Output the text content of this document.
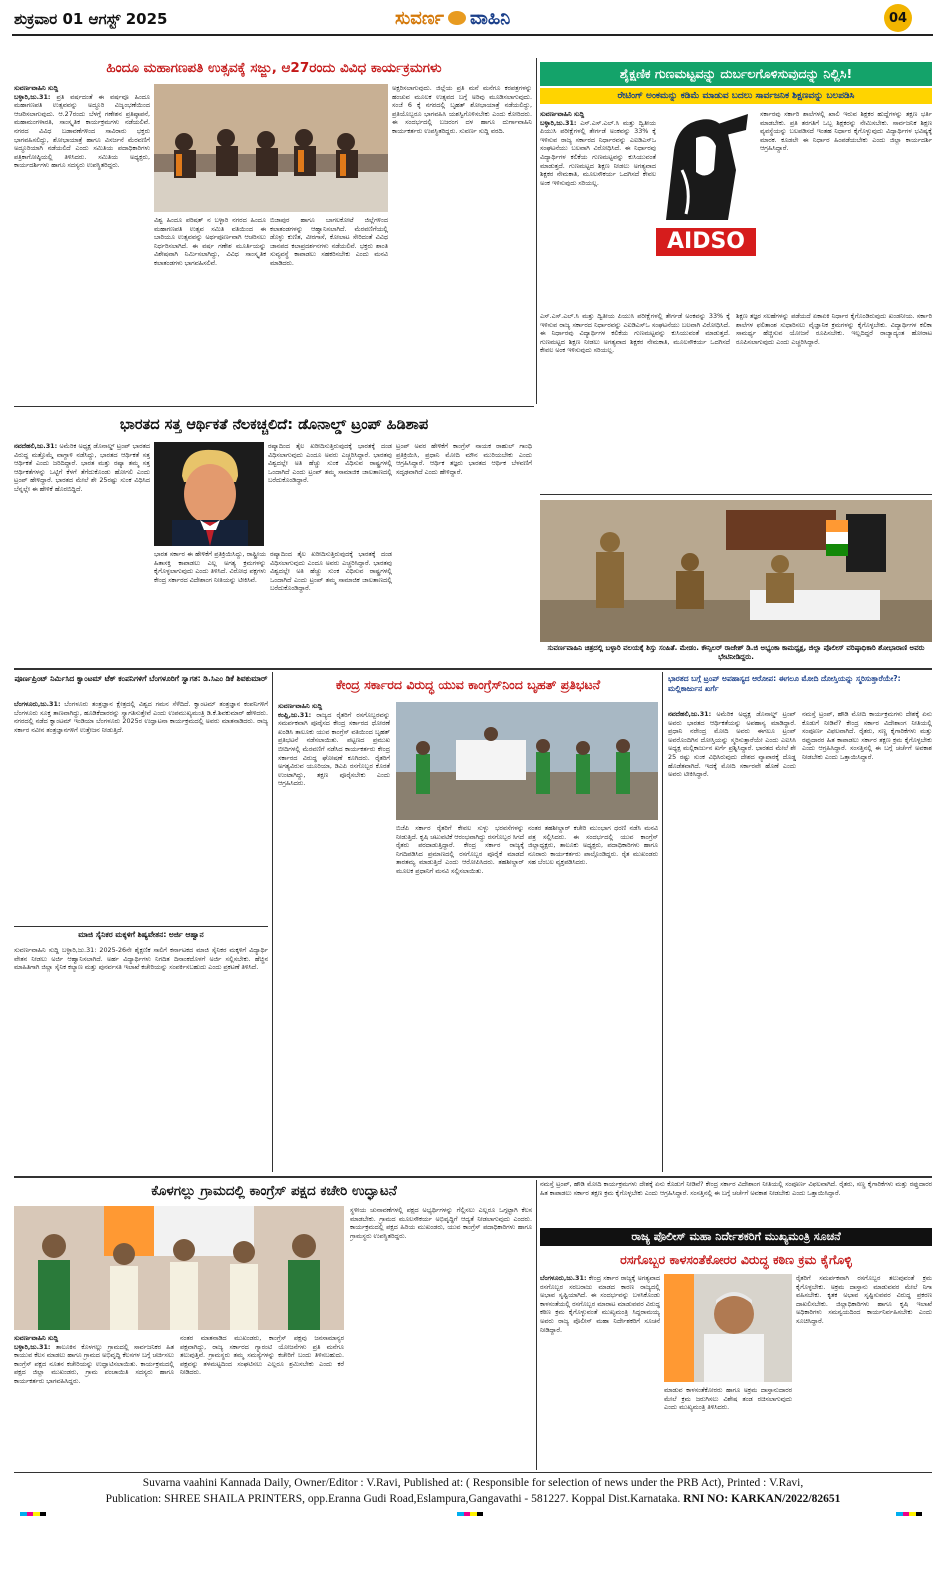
ಶುಕ್ರವಾರ 01 ಆಗಸ್ಟ್ 2025	ಸುವರ್ಣ ವಾಹಿನಿ	04
ಹಿಂದೂ ಮಹಾಗಣಪತಿ ಉತ್ಸವಕ್ಕೆ ಸಜ್ಜು, ಆ27ರಂದು ವಿವಿಧ ಕಾರ್ಯಕ್ರಮಗಳು
ಸುವರ್ಣವಾಹಿನಿ ಸುದ್ದಿ
ಬಳ್ಳಾರಿ,ಜು.31: ಪ್ರತಿ ವರ್ಷದಂತೆ ಈ ವರ್ಷವೂ ಹಿಂದೂ ಮಹಾಗಣಪತಿ ಉತ್ಸವವನ್ನು ಅದ್ಧೂರಿ ವಿಜೃಂಭಣೆಯಿಂದ ಆಚರಿಸಲಾಗುವುದು. ಆ.27ರಂದು ಬೆಳಗ್ಗೆ ಗಣೇಶನ ಪ್ರತಿಷ್ಠಾಪನೆ, ಮಹಾಮಂಗಳಾರತಿ, ಸಾಂಸ್ಕೃತಿಕ ಕಾರ್ಯಕ್ರಮಗಳು ನಡೆಯಲಿವೆ. ನಗರದ ವಿವಿಧ ಬಡಾವಣೆಗಳಿಂದ ಸಾವಿರಾರು ಭಕ್ತರು ಭಾಗವಹಿಸಲಿದ್ದು, ಶೋಭಾಯಾತ್ರೆ ಹಾಗೂ ವಿಸರ್ಜನೆ ಮೆರವಣಿಗೆ ಅದ್ಧೂರಿಯಾಗಿ ನಡೆಯಲಿದೆ ಎಂದು ಸಮಿತಿಯ ಪದಾಧಿಕಾರಿಗಳು ಪತ್ರಿಕಾಗೋಷ್ಠಿಯಲ್ಲಿ ತಿಳಿಸಿದರು. ಸಮಿತಿಯ ಅಧ್ಯಕ್ಷರು, ಕಾರ್ಯದರ್ಶಿಗಳು ಹಾಗೂ ಸದಸ್ಯರು ಉಪಸ್ಥಿತರಿದ್ದರು.
ವಿಶ್ವ ಹಿಂದೂ ಪರಿಷತ್ ನ ಬಳ್ಳಾರಿ ನಗರದ ಹಿಂದೂ ಮಹಾಗಣಪತಿ ಉತ್ಸವ ಸಮಿತಿ ವತಿಯಿಂದ ಈ ಬಾರಿಯೂ ಉತ್ಸವವನ್ನು ಅರ್ಥಪೂರ್ಣವಾಗಿ ಆಚರಿಸಲು ನಿರ್ಧರಿಸಲಾಗಿದೆ. ಈ ವರ್ಷ ಗಣೇಶ ಮೂರ್ತಿಯನ್ನು ವಿಶೇಷವಾಗಿ ನಿರ್ಮಿಸಲಾಗಿದ್ದು, ವಿವಿಧ ಸಾಂಸ್ಕೃತಿಕ ಕಲಾತಂಡಗಳು ಭಾಗವಹಿಸಲಿವೆ.
ಬಿಜಾಪುರ ಹಾಗೂ ಬಾಗಲಕೋಟೆ ಜಿಲ್ಲೆಗಳಿಂದ ಕಲಾತಂಡಗಳನ್ನು ಆಹ್ವಾನಿಸಲಾಗಿದೆ. ಮೆರವಣಿಗೆಯಲ್ಲಿ ಡೊಳ್ಳು ಕುಣಿತ, ವೀರಗಾಸೆ, ಕೋಲಾಟ ಸೇರಿದಂತೆ ವಿವಿಧ ಜಾನಪದ ಕಲಾಪ್ರದರ್ಶನಗಳು ನಡೆಯಲಿವೆ. ಭಕ್ತರು ಶಾಂತಿ ಸುವ್ಯವಸ್ಥೆ ಕಾಪಾಡಲು ಸಹಕರಿಸಬೇಕು ಎಂದು ಮನವಿ ಮಾಡಿದರು.
ಅಕ್ಷರಿಸಲಾಗುವುದು. ಜಿಲ್ಲೆಯ ಪ್ರತಿ ಮನೆ ಮನೆಗೂ ಕರಪತ್ರಗಳನ್ನು ಹಂಚುವ ಮೂಲಕ ಉತ್ಸವದ ಬಗ್ಗೆ ಅರಿವು ಮೂಡಿಸಲಾಗುವುದು. ಸಂಜೆ 6 ಕ್ಕೆ ನಗರದಲ್ಲಿ ಬೃಹತ್ ಶೋಭಾಯಾತ್ರೆ ನಡೆಯಲಿದ್ದು, ಪ್ರತಿಯೊಬ್ಬರೂ ಭಾಗವಹಿಸಿ ಯಶಸ್ವಿಗೊಳಿಸಬೇಕು ಎಂದು ಕೋರಿದರು. ಈ ಸಂದರ್ಭದಲ್ಲಿ ಬಜರಂಗ ದಳ ಹಾಗೂ ದುರ್ಗಾವಾಹಿನಿ ಕಾರ್ಯಕರ್ತರು ಉಪಸ್ಥಿತರಿದ್ದರು. ಸುವರ್ಣ ಸುದ್ದಿ ವರದಿ.
ಶೈಕ್ಷಣಿಕ ಗುಣಮಟ್ಟವನ್ನು ದುರ್ಬಲಗೊಳಿಸುವುದನ್ನು ನಿಲ್ಲಿಸಿ!
ರೇಟಿಂಗ್ ಅಂಕಮನ್ನು ಕಡಿಮೆ ಮಾಡುವ ಬದಲು ಸಾರ್ವಜನಿಕ ಶಿಕ್ಷಣವನ್ನು ಬಲಪಡಿಸಿ
ಸುವರ್ಣವಾಹಿನಿ ಸುದ್ದಿ
ಬಳ್ಳಾರಿ,ಜು.31: ಎಸ್.ಎಸ್.ಎಲ್.ಸಿ ಮತ್ತು ದ್ವಿತೀಯ ಪಿಯುಸಿ ಪರೀಕ್ಷೆಗಳಲ್ಲಿ ತೇರ್ಗಡೆ ಅಂಕವನ್ನು 33% ಕ್ಕೆ ಇಳಿಸುವ ರಾಜ್ಯ ಸರ್ಕಾರದ ನಿರ್ಧಾರವನ್ನು ಎಐಡಿಎಸ್ಒ ಸಂಘಟನೆಯು ಬಲವಾಗಿ ವಿರೋಧಿಸಿದೆ. ಈ ನಿರ್ಧಾರವು ವಿದ್ಯಾರ್ಥಿಗಳ ಕಲಿಕೆಯ ಗುಣಮಟ್ಟವನ್ನು ಕುಸಿಯುವಂತೆ ಮಾಡುತ್ತದೆ. ಗುಣಮಟ್ಟದ ಶಿಕ್ಷಣ ನೀಡಲು ಅಗತ್ಯವಾದ ಶಿಕ್ಷಕರ ನೇಮಕಾತಿ, ಮೂಲಸೌಕರ್ಯ ಒದಗಿಸದೆ ಕೇವಲ ಅಂಕ ಇಳಿಸುವುದು ಸರಿಯಲ್ಲ.
AIDSO
ಸರ್ಕಾರವು ಸರ್ಕಾರಿ ಶಾಲೆಗಳಲ್ಲಿ ಖಾಲಿ ಇರುವ ಶಿಕ್ಷಕರ ಹುದ್ದೆಗಳನ್ನು ತಕ್ಷಣ ಭರ್ತಿ ಮಾಡಬೇಕು. ಪ್ರತಿ ತರಗತಿಗೆ ಒಬ್ಬ ಶಿಕ್ಷಕರನ್ನು ನೇಮಿಸಬೇಕು. ಸಾರ್ವಜನಿಕ ಶಿಕ್ಷಣ ವ್ಯವಸ್ಥೆಯನ್ನು ಬಲಪಡಿಸದೆ ಇಂತಹ ನಿರ್ಧಾರ ಕೈಗೊಳ್ಳುವುದು ವಿದ್ಯಾರ್ಥಿಗಳ ಭವಿಷ್ಯಕ್ಕೆ ಮಾರಕ. ಕೂಡಲೇ ಈ ನಿರ್ಧಾರ ಹಿಂಪಡೆಯಬೇಕು ಎಂದು ಜಿಲ್ಲಾ ಕಾರ್ಯದರ್ಶಿ ಆಗ್ರಹಿಸಿದ್ದಾರೆ.
ಎಸ್.ಎಸ್.ಎಲ್.ಸಿ ಮತ್ತು ದ್ವಿತೀಯ ಪಿಯುಸಿ ಪರೀಕ್ಷೆಗಳಲ್ಲಿ ತೇರ್ಗಡೆ ಅಂಕವನ್ನು 33% ಕ್ಕೆ ಇಳಿಸುವ ರಾಜ್ಯ ಸರ್ಕಾರದ ನಿರ್ಧಾರವನ್ನು ಎಐಡಿಎಸ್ಒ ಸಂಘಟನೆಯು ಬಲವಾಗಿ ವಿರೋಧಿಸಿದೆ. ಈ ನಿರ್ಧಾರವು ವಿದ್ಯಾರ್ಥಿಗಳ ಕಲಿಕೆಯ ಗುಣಮಟ್ಟವನ್ನು ಕುಸಿಯುವಂತೆ ಮಾಡುತ್ತದೆ. ಗುಣಮಟ್ಟದ ಶಿಕ್ಷಣ ನೀಡಲು ಅಗತ್ಯವಾದ ಶಿಕ್ಷಕರ ನೇಮಕಾತಿ, ಮೂಲಸೌಕರ್ಯ ಒದಗಿಸದೆ ಕೇವಲ ಅಂಕ ಇಳಿಸುವುದು ಸರಿಯಲ್ಲ.
ಶಿಕ್ಷಣ ತಜ್ಞರ ಸಲಹೆಗಳನ್ನು ಪಡೆಯದೆ ಏಕಾಏಕಿ ನಿರ್ಧಾರ ಕೈಗೊಂಡಿರುವುದು ಖಂಡನೀಯ. ಸರ್ಕಾರಿ ಶಾಲೆಗಳ ಫಲಿತಾಂಶ ಸುಧಾರಿಸಲು ವೈಜ್ಞಾನಿಕ ಕ್ರಮಗಳನ್ನು ಕೈಗೊಳ್ಳಬೇಕು. ವಿದ್ಯಾರ್ಥಿಗಳ ಕಲಿಕಾ ಸಾಮರ್ಥ್ಯ ಹೆಚ್ಚಿಸುವ ಯೋಜನೆ ರೂಪಿಸಬೇಕು. ಇಲ್ಲದಿದ್ದರೆ ರಾಜ್ಯಾದ್ಯಂತ ಹೋರಾಟ ರೂಪಿಸಲಾಗುವುದು ಎಂದು ಎಚ್ಚರಿಸಿದ್ದಾರೆ.
ಭಾರತದ ಸತ್ತ ಆರ್ಥಿಕತೆ ನೆಲಕಚ್ಚಲಿದೆ: ಡೊನಾಲ್ಡ್ ಟ್ರಂಪ್ ಹಿಡಿಶಾಪ
ನವದೆಹಲಿ,ಜು.31: ಅಮೆರಿಕ ಅಧ್ಯಕ್ಷ ಡೊನಾಲ್ಡ್ ಟ್ರಂಪ್ ಭಾರತದ ವಿರುದ್ಧ ಮತ್ತೊಮ್ಮೆ ವಾಗ್ದಾಳಿ ನಡೆಸಿದ್ದು, ಭಾರತದ ಆರ್ಥಿಕತೆ ಸತ್ತ ಆರ್ಥಿಕತೆ ಎಂದು ಜರಿದಿದ್ದಾರೆ. ಭಾರತ ಮತ್ತು ರಷ್ಯಾ ತಮ್ಮ ಸತ್ತ ಆರ್ಥಿಕತೆಗಳನ್ನು ಒಟ್ಟಿಗೆ ಕೆಳಗೆ ತೆಗೆದುಕೊಂಡು ಹೋಗಲಿ ಎಂದು ಟ್ರಂಪ್ ಹೇಳಿದ್ದಾರೆ. ಭಾರತದ ಮೇಲೆ ಶೇ 25ರಷ್ಟು ಸುಂಕ ವಿಧಿಸಿದ ಬೆನ್ನಲ್ಲೇ ಈ ಹೇಳಿಕೆ ಹೊರಬಿದ್ದಿದೆ.
ರಷ್ಯಾದಿಂದ ತೈಲ ಖರೀದಿಸುತ್ತಿರುವುದಕ್ಕೆ ಭಾರತಕ್ಕೆ ದಂಡ ವಿಧಿಸಲಾಗುವುದು ಎಂದೂ ಅವರು ಎಚ್ಚರಿಸಿದ್ದಾರೆ. ಭಾರತವು ವಿಶ್ವದಲ್ಲೇ ಅತಿ ಹೆಚ್ಚು ಸುಂಕ ವಿಧಿಸುವ ರಾಷ್ಟ್ರಗಳಲ್ಲಿ ಒಂದಾಗಿದೆ ಎಂದು ಟ್ರಂಪ್ ತಮ್ಮ ಸಾಮಾಜಿಕ ಜಾಲತಾಣದಲ್ಲಿ ಬರೆದುಕೊಂಡಿದ್ದಾರೆ.
ಭಾರತ ಸರ್ಕಾರ ಈ ಹೇಳಿಕೆಗೆ ಪ್ರತಿಕ್ರಿಯಿಸಿದ್ದು, ರಾಷ್ಟ್ರೀಯ ಹಿತಾಸಕ್ತಿ ಕಾಪಾಡಲು ಎಲ್ಲ ಅಗತ್ಯ ಕ್ರಮಗಳನ್ನು ಕೈಗೊಳ್ಳಲಾಗುವುದು ಎಂದು ತಿಳಿಸಿದೆ. ವಿರೋಧ ಪಕ್ಷಗಳು ಕೇಂದ್ರ ಸರ್ಕಾರದ ವಿದೇಶಾಂಗ ನೀತಿಯನ್ನು ಟೀಕಿಸಿವೆ.
ರಷ್ಯಾದಿಂದ ತೈಲ ಖರೀದಿಸುತ್ತಿರುವುದಕ್ಕೆ ಭಾರತಕ್ಕೆ ದಂಡ ವಿಧಿಸಲಾಗುವುದು ಎಂದೂ ಅವರು ಎಚ್ಚರಿಸಿದ್ದಾರೆ. ಭಾರತವು ವಿಶ್ವದಲ್ಲೇ ಅತಿ ಹೆಚ್ಚು ಸುಂಕ ವಿಧಿಸುವ ರಾಷ್ಟ್ರಗಳಲ್ಲಿ ಒಂದಾಗಿದೆ ಎಂದು ಟ್ರಂಪ್ ತಮ್ಮ ಸಾಮಾಜಿಕ ಜಾಲತಾಣದಲ್ಲಿ ಬರೆದುಕೊಂಡಿದ್ದಾರೆ.
ಟ್ರಂಪ್ ಅವರ ಹೇಳಿಕೆಗೆ ಕಾಂಗ್ರೆಸ್ ನಾಯಕ ರಾಹುಲ್ ಗಾಂಧಿ ಪ್ರತಿಕ್ರಿಯಿಸಿ, ಪ್ರಧಾನಿ ಮೋದಿ ಮೌನ ಮುರಿಯಬೇಕು ಎಂದು ಆಗ್ರಹಿಸಿದ್ದಾರೆ. ಆರ್ಥಿಕ ತಜ್ಞರು ಭಾರತದ ಆರ್ಥಿಕ ಬೆಳವಣಿಗೆ ಸದೃಢವಾಗಿದೆ ಎಂದು ಹೇಳಿದ್ದಾರೆ.
ಸುವರ್ಣವಾಹಿನಿ ಚಿತ್ರದಲ್ಲಿ ಬಳ್ಳಾರಿ ವಲಯಕ್ಕೆ ಶಿಸ್ತು ಸಂಹಿತೆ. ಮೇಡಂ. ಕೌನ್ಸಿಲರ್ ರಾಜೇಶ್ ಡಿ.ಜಿ ಅಭ್ಯಂಕಾ ಕಾಮಧ್ಯಕ್ಷ, ಜಿಲ್ಲಾ ಪೊಲೀಸ್ ವರಿಷ್ಠಾಧಿಕಾರಿ ಶೋಭಾರಾಣಿ ಅವರು ಭೇಟಿನೀಡಿದ್ದರು.
ಪೂರ್ಣಪ್ರಿಂಟ್ ನಿರ್ಮಿಸಿದ ಕ್ವಾಂಟಮ್ ಟೆಕ್ ಕಂಪನಿಗಳಿಗೆ ಬೆಂಗಳೂರಿಗೆ ಸ್ವಾಗತ: ಡಿ.ಸಿಎಂ ಡಿಕೆ ಶಿವಕುಮಾರ್
ಬೆಂಗಳೂರು,ಜು.31: ಬೆಂಗಳೂರು ತಂತ್ರಜ್ಞಾನ ಕ್ಷೇತ್ರದಲ್ಲಿ ವಿಶ್ವದ ಗಮನ ಸೆಳೆದಿದೆ. ಕ್ವಾಂಟಮ್ ತಂತ್ರಜ್ಞಾನ ಕಂಪನಿಗಳಿಗೆ ಬೆಂಗಳೂರು ಸೂಕ್ತ ತಾಣವಾಗಿದ್ದು, ಹೂಡಿಕೆದಾರರನ್ನು ಸ್ವಾಗತಿಸುತ್ತೇವೆ ಎಂದು ಉಪಮುಖ್ಯಮಂತ್ರಿ ಡಿ.ಕೆ.ಶಿವಕುಮಾರ್ ಹೇಳಿದರು. ನಗರದಲ್ಲಿ ನಡೆದ ಕ್ವಾಂಟಮ್ ಇಂಡಿಯಾ ಬೆಂಗಳೂರು 2025ರ ಉದ್ಘಾಟನಾ ಕಾರ್ಯಕ್ರಮದಲ್ಲಿ ಅವರು ಮಾತನಾಡಿದರು. ರಾಜ್ಯ ಸರ್ಕಾರ ನವೀನ ತಂತ್ರಜ್ಞಾನಗಳಿಗೆ ಉತ್ತೇಜನ ನೀಡುತ್ತಿದೆ.
ಮಾಜಿ ಸೈನಿಕರ ಮಕ್ಕಳಿಗೆ ಶಿಷ್ಯವೇತನ: ಅರ್ಜಿ ಆಹ್ವಾನ
ಸುವರ್ಣವಾಹಿನಿ ಸುದ್ದಿ ಬಳ್ಳಾರಿ,ಜು.31: 2025-26ನೇ ಶೈಕ್ಷಣಿಕ ಸಾಲಿಗೆ ಕರ್ನಾಟಕದ ಮಾಜಿ ಸೈನಿಕರ ಮಕ್ಕಳಿಗೆ ವಿದ್ಯಾರ್ಥಿ ವೇತನ ನೀಡಲು ಅರ್ಜಿ ಆಹ್ವಾನಿಸಲಾಗಿದೆ. ಅರ್ಹ ವಿದ್ಯಾರ್ಥಿಗಳು ನಿಗದಿತ ದಿನಾಂಕದೊಳಗೆ ಅರ್ಜಿ ಸಲ್ಲಿಸಬೇಕು. ಹೆಚ್ಚಿನ ಮಾಹಿತಿಗಾಗಿ ಜಿಲ್ಲಾ ಸೈನಿಕ ಕಲ್ಯಾಣ ಮತ್ತು ಪುನರ್ವಸತಿ ಇಲಾಖೆ ಕಚೇರಿಯನ್ನು ಸಂಪರ್ಕಿಸಬಹುದು ಎಂದು ಪ್ರಕಟಣೆ ತಿಳಿಸಿದೆ.
ಕೇಂದ್ರ ಸರ್ಕಾರದ ವಿರುದ್ಧ ಯುವ ಕಾಂಗ್ರೆಸ್‌ನಿಂದ ಬೃಹತ್ ಪ್ರತಿಭಟನೆ
ಸುವರ್ಣವಾಹಿನಿ ಸುದ್ದಿ
ಕಂಪ್ಲಿ,ಜು.31: ರಾಜ್ಯದ ರೈತರಿಗೆ ರಸಗೊಬ್ಬರವನ್ನು ಸಮರ್ಪಕವಾಗಿ ಪೂರೈಸದ ಕೇಂದ್ರ ಸರ್ಕಾರದ ಧೋರಣೆ ಖಂಡಿಸಿ ತಾಲೂಕು ಯುವ ಕಾಂಗ್ರೆಸ್ ವತಿಯಿಂದ ಬೃಹತ್ ಪ್ರತಿಭಟನೆ ನಡೆಸಲಾಯಿತು. ಪಟ್ಟಣದ ಪ್ರಮುಖ ಬೀದಿಗಳಲ್ಲಿ ಮೆರವಣಿಗೆ ನಡೆಸಿದ ಕಾರ್ಯಕರ್ತರು ಕೇಂದ್ರ ಸರ್ಕಾರದ ವಿರುದ್ಧ ಘೋಷಣೆ ಕೂಗಿದರು. ರೈತರಿಗೆ ಅಗತ್ಯವಿರುವ ಯೂರಿಯಾ, ಡಿಎಪಿ ರಸಗೊಬ್ಬರ ಕೊರತೆ ಉಂಟಾಗಿದ್ದು, ತಕ್ಷಣ ಪೂರೈಸಬೇಕು ಎಂದು ಆಗ್ರಹಿಸಿದರು.
ಬಿಜೆಪಿ ಸರ್ಕಾರ ರೈತರಿಗೆ ಕೇವಲ ಸುಳ್ಳು ಭರವಸೆಗಳನ್ನು ನೀಡುತ್ತಿದೆ. ಕೃಷಿ ಚಟುವಟಿಕೆ ಆರಂಭವಾಗಿದ್ದು ರಸಗೊಬ್ಬರ ಸಿಗದೆ ರೈತರು ಪರದಾಡುತ್ತಿದ್ದಾರೆ. ಕೇಂದ್ರ ಸರ್ಕಾರ ರಾಜ್ಯಕ್ಕೆ ನಿಗದಿಪಡಿಸಿದ ಪ್ರಮಾಣದಲ್ಲಿ ರಸಗೊಬ್ಬರ ಪೂರೈಕೆ ಮಾಡದೆ ತಾರತಮ್ಯ ಮಾಡುತ್ತಿದೆ ಎಂದು ಆರೋಪಿಸಿದರು. ತಹಶೀಲ್ದಾರ್ ಮೂಲಕ ಪ್ರಧಾನಿಗೆ ಮನವಿ ಸಲ್ಲಿಸಲಾಯಿತು.
ನಂತರ ತಹಶೀಲ್ದಾರ್ ಕಚೇರಿ ಮುಂಭಾಗ ಧರಣಿ ನಡೆಸಿ ಮನವಿ ಪತ್ರ ಸಲ್ಲಿಸಿದರು. ಈ ಸಂದರ್ಭದಲ್ಲಿ ಯುವ ಕಾಂಗ್ರೆಸ್ ಜಿಲ್ಲಾಧ್ಯಕ್ಷರು, ತಾಲೂಕು ಅಧ್ಯಕ್ಷರು, ಪದಾಧಿಕಾರಿಗಳು ಹಾಗೂ ನೂರಾರು ಕಾರ್ಯಕರ್ತರು ಪಾಲ್ಗೊಂಡಿದ್ದರು. ರೈತ ಮುಖಂಡರು ಸಹ ಬೆಂಬಲ ವ್ಯಕ್ತಪಡಿಸಿದರು.
ಭಾರತದ ಬಗ್ಗೆ ಟ್ರಂಪ್ ಅಪಹಾಸ್ಯದ ಆರೋಪ: ಈಗಲೂ ಮೋದಿ ದೋಸ್ತಿಯನ್ನು ಸ್ಮರಿಸುತ್ತಾರೆಯೇ?: ಮಲ್ಲಿಕಾರ್ಜುನ ಖರ್ಗೆ
ನವದೆಹಲಿ,ಜು.31: ಅಮೆರಿಕ ಅಧ್ಯಕ್ಷ ಡೊನಾಲ್ಡ್ ಟ್ರಂಪ್ ಅವರು ಭಾರತದ ಆರ್ಥಿಕತೆಯನ್ನು ಅಪಹಾಸ್ಯ ಮಾಡಿದ್ದಾರೆ. ಪ್ರಧಾನಿ ನರೇಂದ್ರ ಮೋದಿ ಅವರು ಈಗಲೂ ಟ್ರಂಪ್ ಅವರೊಂದಿಗಿನ ದೋಸ್ತಿಯನ್ನು ಸ್ಮರಿಸುತ್ತಾರೆಯೇ ಎಂದು ಎಐಸಿಸಿ ಅಧ್ಯಕ್ಷ ಮಲ್ಲಿಕಾರ್ಜುನ ಖರ್ಗೆ ಪ್ರಶ್ನಿಸಿದ್ದಾರೆ. ಭಾರತದ ಮೇಲೆ ಶೇ 25 ರಷ್ಟು ಸುಂಕ ವಿಧಿಸಿರುವುದು ದೇಶದ ವ್ಯಾಪಾರಕ್ಕೆ ದೊಡ್ಡ ಹೊಡೆತವಾಗಿದೆ. ಇದಕ್ಕೆ ಮೋದಿ ಸರ್ಕಾರವೇ ಹೊಣೆ ಎಂದು ಅವರು ಟೀಕಿಸಿದ್ದಾರೆ.
ನಮಸ್ತೆ ಟ್ರಂಪ್, ಹೌಡಿ ಮೋದಿ ಕಾರ್ಯಕ್ರಮಗಳು ದೇಶಕ್ಕೆ ಏನು ಕೊಡುಗೆ ನೀಡಿವೆ? ಕೇಂದ್ರ ಸರ್ಕಾರ ವಿದೇಶಾಂಗ ನೀತಿಯಲ್ಲಿ ಸಂಪೂರ್ಣ ವಿಫಲವಾಗಿದೆ. ರೈತರು, ಸಣ್ಣ ಕೈಗಾರಿಕೆಗಳು ಮತ್ತು ರಫ್ತುದಾರರ ಹಿತ ಕಾಪಾಡಲು ಸರ್ಕಾರ ತಕ್ಷಣ ಕ್ರಮ ಕೈಗೊಳ್ಳಬೇಕು ಎಂದು ಆಗ್ರಹಿಸಿದ್ದಾರೆ. ಸಂಸತ್ತಿನಲ್ಲಿ ಈ ಬಗ್ಗೆ ಚರ್ಚೆಗೆ ಅವಕಾಶ ನೀಡಬೇಕು ಎಂದು ಒತ್ತಾಯಿಸಿದ್ದಾರೆ.
ಕೊಳಗಲ್ಲು ಗ್ರಾಮದಲ್ಲಿ ಕಾಂಗ್ರೆಸ್ ಪಕ್ಷದ ಕಚೇರಿ ಉದ್ಘಾಟನೆ
ಸುವರ್ಣವಾಹಿನಿ ಸುದ್ದಿ
ಬಳ್ಳಾರಿ,ಜು.31: ತಾಲೂಕಿನ ಕೊಳಗಲ್ಲು ಗ್ರಾಮದಲ್ಲಿ ಸಾರ್ವಜನಿಕರ ಹಿತ ಕಾಯುವ ಕೆಲಸ ಮಾಡಲು ಹಾಗೂ ಗ್ರಾಮದ ಅಭಿವೃದ್ಧಿ ಕೆಲಸಗಳ ಬಗ್ಗೆ ಚರ್ಚಿಸಲು ಕಾಂಗ್ರೆಸ್ ಪಕ್ಷದ ನೂತನ ಕಚೇರಿಯನ್ನು ಉದ್ಘಾಟಿಸಲಾಯಿತು. ಕಾರ್ಯಕ್ರಮದಲ್ಲಿ ಪಕ್ಷದ ಜಿಲ್ಲಾ ಮುಖಂಡರು, ಗ್ರಾಮ ಪಂಚಾಯಿತಿ ಸದಸ್ಯರು ಹಾಗೂ ಕಾರ್ಯಕರ್ತರು ಭಾಗವಹಿಸಿದ್ದರು.
ನಂತರ ಮಾತನಾಡಿದ ಮುಖಂಡರು, ಕಾಂಗ್ರೆಸ್ ಪಕ್ಷವು ಜನಸಾಮಾನ್ಯರ ಪಕ್ಷವಾಗಿದ್ದು, ರಾಜ್ಯ ಸರ್ಕಾರದ ಗ್ಯಾರಂಟಿ ಯೋಜನೆಗಳು ಪ್ರತಿ ಮನೆಗೂ ತಲುಪುತ್ತಿವೆ. ಗ್ರಾಮಸ್ಥರು ತಮ್ಮ ಸಮಸ್ಯೆಗಳನ್ನು ಕಚೇರಿಗೆ ಬಂದು ತಿಳಿಸಬಹುದು. ಪಕ್ಷವನ್ನು ತಳಮಟ್ಟದಿಂದ ಸಂಘಟಿಸಲು ಎಲ್ಲರೂ ಶ್ರಮಿಸಬೇಕು ಎಂದು ಕರೆ ನೀಡಿದರು.
ಸ್ಥಳೀಯ ಚುನಾವಣೆಗಳಲ್ಲಿ ಪಕ್ಷದ ಅಭ್ಯರ್ಥಿಗಳನ್ನು ಗೆಲ್ಲಿಸಲು ಎಲ್ಲರೂ ಒಗ್ಗಟ್ಟಾಗಿ ಕೆಲಸ ಮಾಡಬೇಕು. ಗ್ರಾಮದ ಮೂಲಸೌಕರ್ಯ ಅಭಿವೃದ್ಧಿಗೆ ಆದ್ಯತೆ ನೀಡಲಾಗುವುದು ಎಂದರು. ಕಾರ್ಯಕ್ರಮದಲ್ಲಿ ಪಕ್ಷದ ಹಿರಿಯ ಮುಖಂಡರು, ಯುವ ಕಾಂಗ್ರೆಸ್ ಪದಾಧಿಕಾರಿಗಳು ಹಾಗೂ ಗ್ರಾಮಸ್ಥರು ಉಪಸ್ಥಿತರಿದ್ದರು.
ನಮಸ್ತೆ ಟ್ರಂಪ್, ಹೌಡಿ ಮೋದಿ ಕಾರ್ಯಕ್ರಮಗಳು ದೇಶಕ್ಕೆ ಏನು ಕೊಡುಗೆ ನೀಡಿವೆ? ಕೇಂದ್ರ ಸರ್ಕಾರ ವಿದೇಶಾಂಗ ನೀತಿಯಲ್ಲಿ ಸಂಪೂರ್ಣ ವಿಫಲವಾಗಿದೆ. ರೈತರು, ಸಣ್ಣ ಕೈಗಾರಿಕೆಗಳು ಮತ್ತು ರಫ್ತುದಾರರ ಹಿತ ಕಾಪಾಡಲು ಸರ್ಕಾರ ತಕ್ಷಣ ಕ್ರಮ ಕೈಗೊಳ್ಳಬೇಕು ಎಂದು ಆಗ್ರಹಿಸಿದ್ದಾರೆ. ಸಂಸತ್ತಿನಲ್ಲಿ ಈ ಬಗ್ಗೆ ಚರ್ಚೆಗೆ ಅವಕಾಶ ನೀಡಬೇಕು ಎಂದು ಒತ್ತಾಯಿಸಿದ್ದಾರೆ.
ರಾಜ್ಯ ಪೊಲೀಸ್ ಮಹಾ ನಿರ್ದೇಶಕರಿಗೆ ಮುಖ್ಯಮಂತ್ರಿ ಸೂಚನೆ
ರಸಗೊಬ್ಬರ ಕಾಳಸಂತೆಕೋರರ ವಿರುದ್ಧ ಕಠಿಣ ಕ್ರಮ ಕೈಗೊಳ್ಳಿ
ಬೆಂಗಳೂರು,ಜು.31: ಕೇಂದ್ರ ಸರ್ಕಾರ ರಾಜ್ಯಕ್ಕೆ ಅಗತ್ಯವಾದ ರಸಗೊಬ್ಬರ ಸರಬರಾಜು ಮಾಡದ ಕಾರಣ ರಾಜ್ಯದಲ್ಲಿ ಅಭಾವ ಸೃಷ್ಟಿಯಾಗಿದೆ. ಈ ಸಂದರ್ಭವನ್ನು ಬಳಸಿಕೊಂಡು ಕಾಳಸಂತೆಯಲ್ಲಿ ರಸಗೊಬ್ಬರ ಮಾರಾಟ ಮಾಡುವವರ ವಿರುದ್ಧ ಕಠಿಣ ಕ್ರಮ ಕೈಗೊಳ್ಳುವಂತೆ ಮುಖ್ಯಮಂತ್ರಿ ಸಿದ್ದರಾಮಯ್ಯ ಅವರು ರಾಜ್ಯ ಪೊಲೀಸ್ ಮಹಾ ನಿರ್ದೇಶಕರಿಗೆ ಸೂಚನೆ ನೀಡಿದ್ದಾರೆ.
ಮಾಡುವ ಕಾಳಸಂತೆಕೋರರು ಹಾಗೂ ಅಕ್ರಮ ದಾಸ್ತಾನುದಾರರ ಮೇಲೆ ಕ್ರಮ ಜರುಗಿಸಲು ವಿಶೇಷ ತಂಡ ರಚಿಸಲಾಗುವುದು ಎಂದು ಮುಖ್ಯಮಂತ್ರಿ ತಿಳಿಸಿದರು.
ರೈತರಿಗೆ ಸಮರ್ಪಕವಾಗಿ ರಸಗೊಬ್ಬರ ತಲುಪುವಂತೆ ಕ್ರಮ ಕೈಗೊಳ್ಳಬೇಕು. ಅಕ್ರಮ ದಾಸ್ತಾನು ಮಾಡುವವರ ಮೇಲೆ ನಿಗಾ ವಹಿಸಬೇಕು. ಕೃತಕ ಅಭಾವ ಸೃಷ್ಟಿಸುವವರ ವಿರುದ್ಧ ಪ್ರಕರಣ ದಾಖಲಿಸಬೇಕು. ಜಿಲ್ಲಾಧಿಕಾರಿಗಳು ಹಾಗೂ ಕೃಷಿ ಇಲಾಖೆ ಅಧಿಕಾರಿಗಳು ಸಮನ್ವಯದಿಂದ ಕಾರ್ಯನಿರ್ವಹಿಸಬೇಕು ಎಂದು ಸೂಚಿಸಿದ್ದಾರೆ.
Suvarna vaahini Kannada Daily, Owner/Editor : V.Ravi, Published at: ( Responsible for selection of news under the PRB Act), Printed : V.Ravi,
Publication: SHREE SHAILA PRINTERS, opp.Eranna Gudi Road,Eslampura,Gangavathi - 581227. Koppal Dist.Karnataka. RNI NO: KARKAN/2022/82651
